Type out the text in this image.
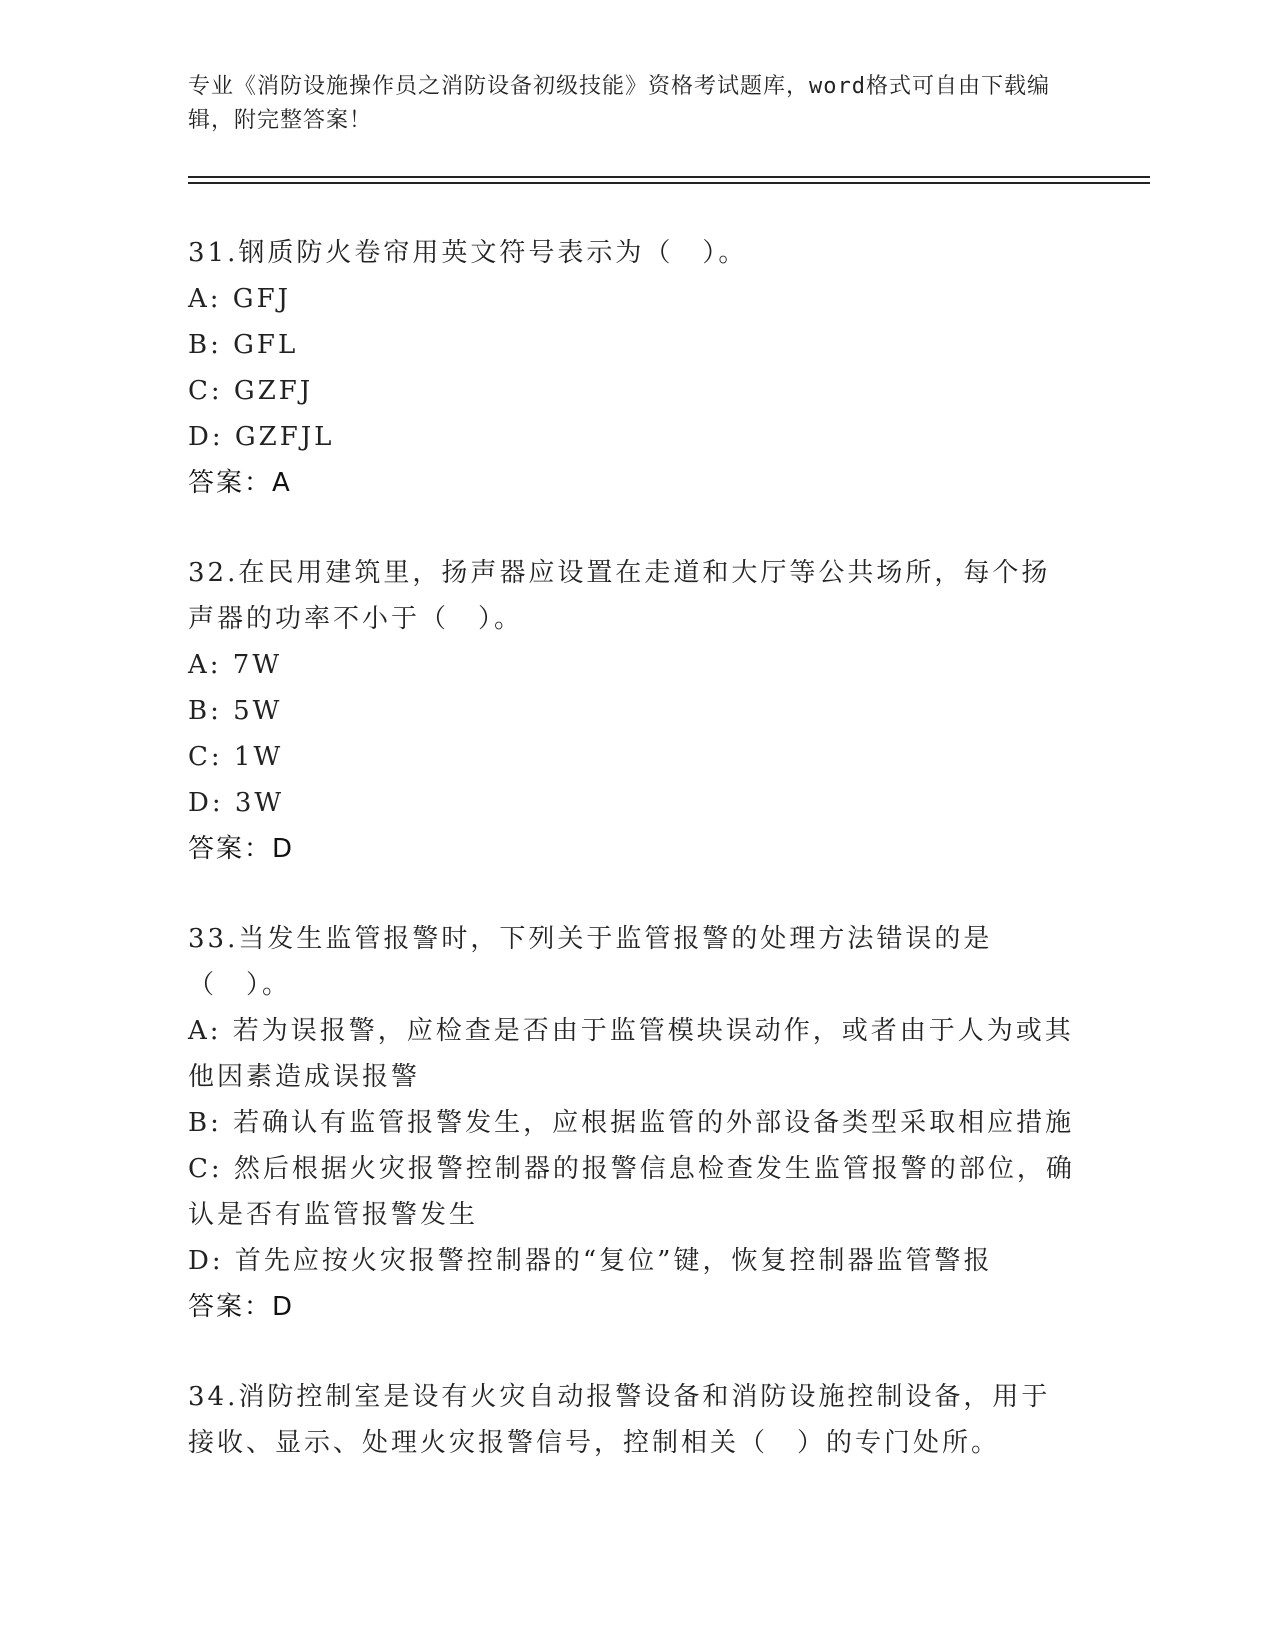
专业《消防设施操作员之消防设备初级技能》资格考试题库，word格式可自由下载编辑，附完整答案！
31.钢质防火卷帘用英文符号表示为（　）。
A: GFJ
B: GFL
C: GZFJ
D: GZFJL
答案：A
32.在民用建筑里，扬声器应设置在走道和大厅等公共场所，每个扬声器的功率不小于（　）。
A: 7W
B: 5W
C: 1W
D: 3W
答案：D
33.当发生监管报警时，下列关于监管报警的处理方法错误的是（　）。
A: 若为误报警，应检查是否由于监管模块误动作，或者由于人为或其他因素造成误报警
B: 若确认有监管报警发生，应根据监管的外部设备类型采取相应措施
C: 然后根据火灾报警控制器的报警信息检查发生监管报警的部位，确认是否有监管报警发生
D: 首先应按火灾报警控制器的“复位”键，恢复控制器监管警报
答案：D
34.消防控制室是设有火灾自动报警设备和消防设施控制设备，用于接收、显示、处理火灾报警信号，控制相关（　）的专门处所。
